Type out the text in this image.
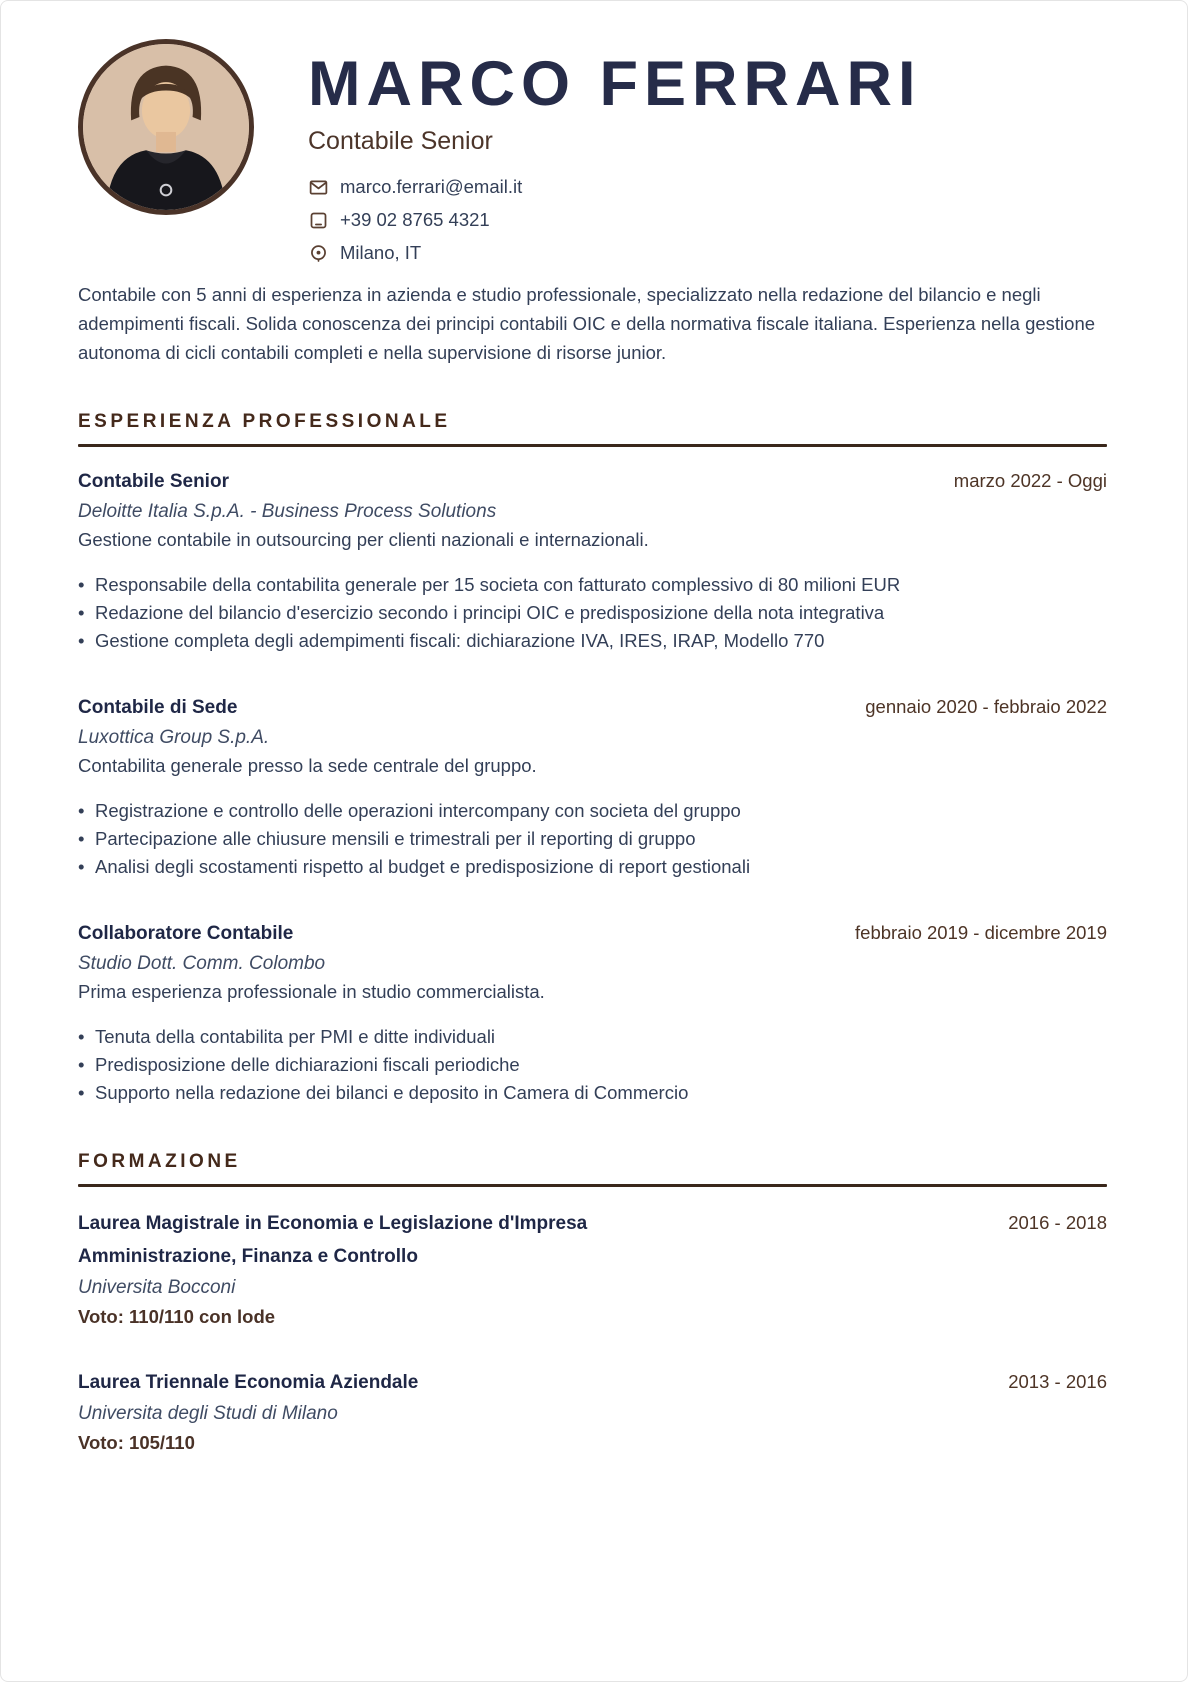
MARCO FERRARI
Contabile Senior
marco.ferrari@email.it
+39 02 8765 4321
Milano, IT

Contabile con 5 anni di esperienza in azienda e studio professionale, specializzato nella redazione del bilancio e negli adempimenti fiscali. Solida conoscenza dei principi contabili OIC e della normativa fiscale italiana. Esperienza nella gestione autonoma di cicli contabili completi e nella supervisione di risorse junior.

ESPERIENZA PROFESSIONALE
Contabile Senior	marzo 2022 - Oggi
Deloitte Italia S.p.A. - Business Process Solutions
Gestione contabile in outsourcing per clienti nazionali e internazionali.
• Responsabile della contabilita generale per 15 societa con fatturato complessivo di 80 milioni EUR
• Redazione del bilancio d'esercizio secondo i principi OIC e predisposizione della nota integrativa
• Gestione completa degli adempimenti fiscali: dichiarazione IVA, IRES, IRAP, Modello 770
Contabile di Sede	gennaio 2020 - febbraio 2022
Luxottica Group S.p.A.
Contabilita generale presso la sede centrale del gruppo.
• Registrazione e controllo delle operazioni intercompany con societa del gruppo
• Partecipazione alle chiusure mensili e trimestrali per il reporting di gruppo
• Analisi degli scostamenti rispetto al budget e predisposizione di report gestionali
Collaboratore Contabile	febbraio 2019 - dicembre 2019
Studio Dott. Comm. Colombo
Prima esperienza professionale in studio commercialista.
• Tenuta della contabilita per PMI e ditte individuali
• Predisposizione delle dichiarazioni fiscali periodiche
• Supporto nella redazione dei bilanci e deposito in Camera di Commercio
FORMAZIONE
Laurea Magistrale in Economia e Legislazione d'Impresa	2016 - 2018
Amministrazione, Finanza e Controllo
Universita Bocconi
Voto: 110/110 con lode
Laurea Triennale Economia Aziendale	2013 - 2016
Universita degli Studi di Milano
Voto: 105/110
